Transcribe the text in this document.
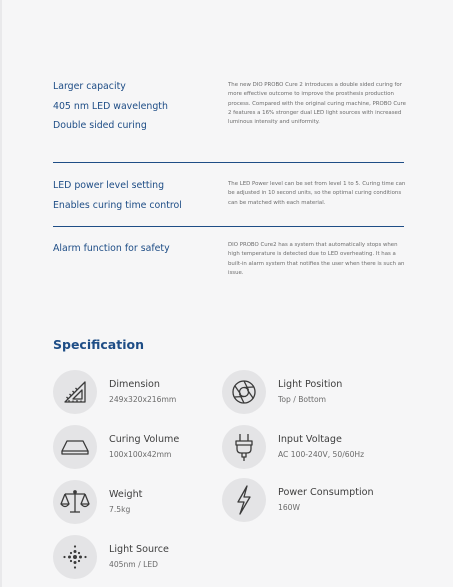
Larger capacity
405 nm LED wavelength
Double sided curing
The new DIO PROBO Cure 2 introduces a double sided curing for more effective outcome to improve the prosthesis production process. Compared with the original curing machine, PROBO Cure 2 features a 16% stronger dual LED light sources with increased luminous intensity and uniformity.
LED power level setting
Enables curing time control
The LED Power level can be set from level 1 to 5. Curing time can be adjusted in 10 second units, so the optimal curing conditions can be matched with each material.
Alarm function for safety	DIO PROBO Cure2 has a system that automatically stops when high temperature is detected due to LED overheating. It has a built-in alarm system that notifies the user when there is such an issue.
Specification
Dimension
249x320x216mm
Light Position
Top / Bottom
Curing Volume
100x100x42mm
Input Voltage
AC 100-240V, 50/60Hz
Weight
7.5kg
Power Consumption
160W
Light Source
405nm / LED
